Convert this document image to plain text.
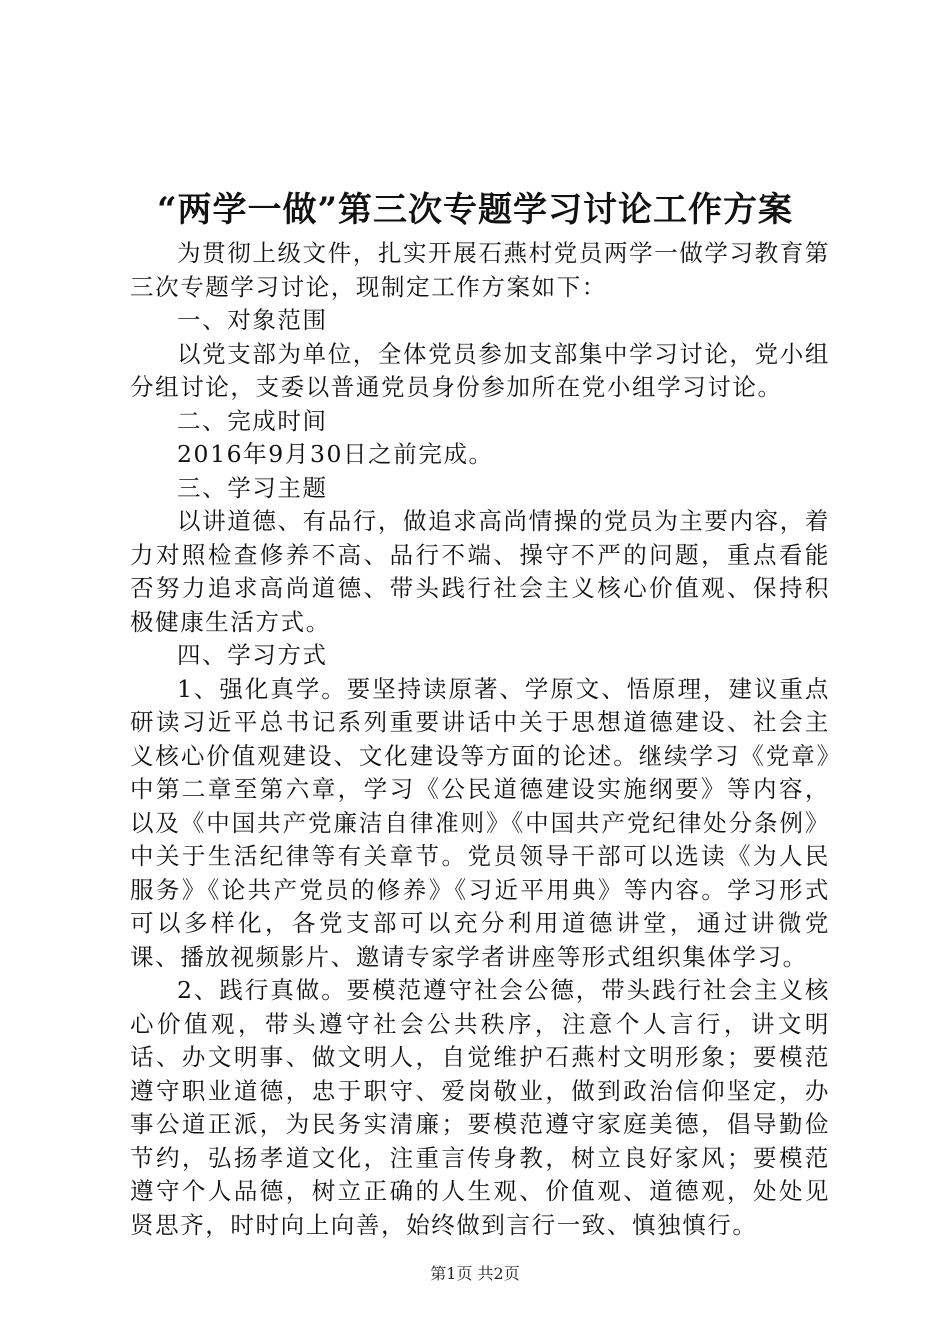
“两学一做”第三次专题学习讨论工作方案

为贯彻上级文件，扎实开展石燕村党员两学一做学习教育第三次专题学习讨论，现制定工作方案如下：

一、对象范围

以党支部为单位，全体党员参加支部集中学习讨论，党小组分组讨论，支委以普通党员身份参加所在党小组学习讨论。

二、完成时间

2016年9月30日之前完成。

三、学习主题

以讲道德、有品行，做追求高尚情操的党员为主要内容，着力对照检查修养不高、品行不端、操守不严的问题，重点看能否努力追求高尚道德、带头践行社会主义核心价值观、保持积极健康生活方式。

四、学习方式

1、强化真学。要坚持读原著、学原文、悟原理，建议重点研读习近平总书记系列重要讲话中关于思想道德建设、社会主义核心价值观建设、文化建设等方面的论述。继续学习《党章》中第二章至第六章，学习《公民道德建设实施纲要》等内容，以及《中国共产党廉洁自律准则》《中国共产党纪律处分条例》中关于生活纪律等有关章节。党员领导干部可以选读《为人民服务》《论共产党员的修养》《习近平用典》等内容。学习形式可以多样化，各党支部可以充分利用道德讲堂，通过讲微党课、播放视频影片、邀请专家学者讲座等形式组织集体学习。

2、践行真做。要模范遵守社会公德，带头践行社会主义核心价值观，带头遵守社会公共秩序，注意个人言行，讲文明话、办文明事、做文明人，自觉维护石燕村文明形象；要模范遵守职业道德，忠于职守、爱岗敬业，做到政治信仰坚定，办事公道正派，为民务实清廉；要模范遵守家庭美德，倡导勤俭节约，弘扬孝道文化，注重言传身教，树立良好家风；要模范遵守个人品德，树立正确的人生观、价值观、道德观，处处见贤思齐，时时向上向善，始终做到言行一致、慎独慎行。

第1页 共2页
